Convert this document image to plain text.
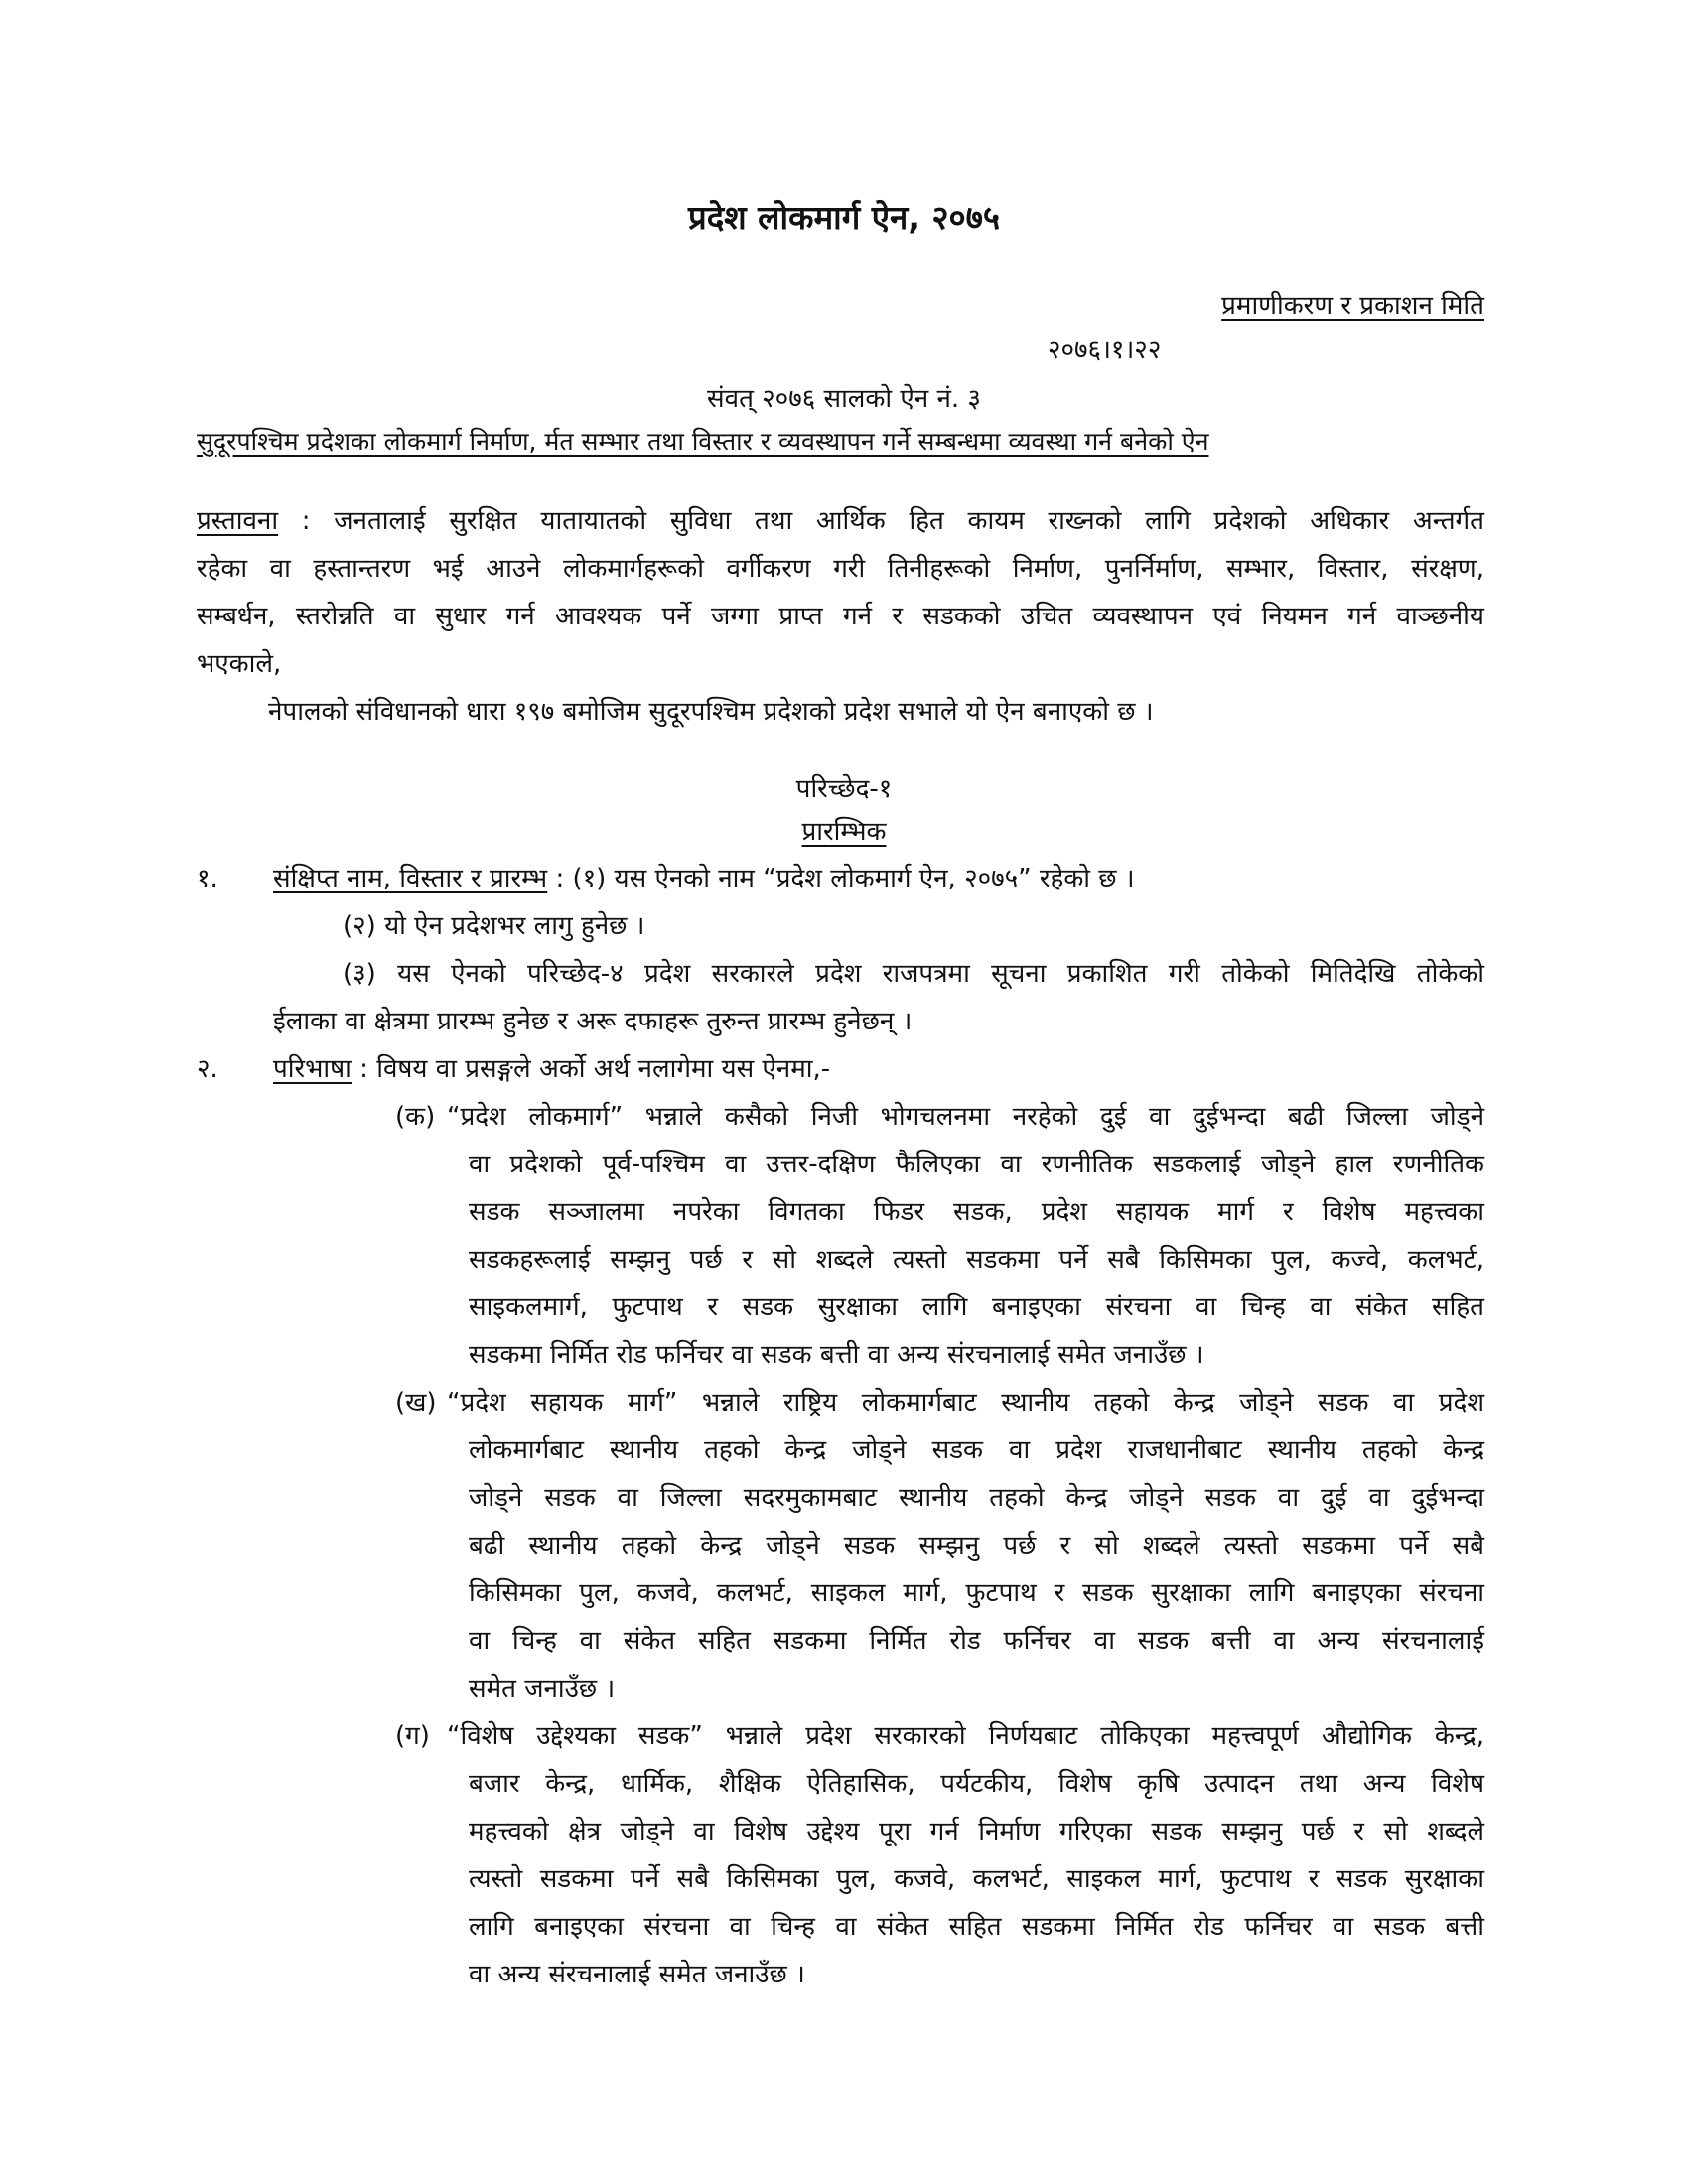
प्रदेश लोकमार्ग ऐन, २०७५
प्रमाणीकरण र प्रकाशन मिति
२०७६।१।२२
संवत् २०७६ सालको ऐन नं. ३
सुदूरपश्चिम प्रदेशका लोकमार्ग निर्माण, र्मत सम्भार तथा विस्तार र व्यवस्थापन गर्ने सम्बन्धमा व्यवस्था गर्न बनेको ऐन
प्रस्तावना : जनतालाई सुरक्षित यातायातको सुविधा तथा आर्थिक हित कायम राख्नको लागि प्रदेशको अधिकार अन्तर्गत
रहेका वा हस्तान्तरण भई आउने लोकमार्गहरूको वर्गीकरण गरी तिनीहरूको निर्माण, पुनर्निर्माण, सम्भार, विस्तार, संरक्षण,
सम्बर्धन, स्तरोन्नति वा सुधार गर्न आवश्यक पर्ने जग्गा प्राप्त गर्न र सडकको उचित व्यवस्थापन एवं नियमन गर्न वाञ्छनीय
भएकाले,
नेपालको संविधानको धारा १९७ बमोजिम सुदूरपश्चिम प्रदेशको प्रदेश सभाले यो ऐन बनाएको छ ।
परिच्छेद-१
प्रारम्भिक
१. संक्षिप्त नाम, विस्तार र प्रारम्भ : (१) यस ऐनको नाम “प्रदेश लोकमार्ग ऐन, २०७५” रहेको छ ।
(२) यो ऐन प्रदेशभर लागु हुनेछ ।
(३) यस ऐनको परिच्छेद-४ प्रदेश सरकारले प्रदेश राजपत्रमा सूचना प्रकाशित गरी तोकेको मितिदेखि तोकेको
ईलाका वा क्षेत्रमा प्रारम्भ हुनेछ र अरू दफाहरू तुरुन्त प्रारम्भ हुनेछन् ।
२. परिभाषा : विषय वा प्रसङ्गले अर्को अर्थ नलागेमा यस ऐनमा,-
(क) “प्रदेश लोकमार्ग” भन्नाले कसैको निजी भोगचलनमा नरहेको दुई वा दुईभन्दा बढी जिल्ला जोड्ने
वा प्रदेशको पूर्व-पश्चिम वा उत्तर-दक्षिण फैलिएका वा रणनीतिक सडकलाई जोड्ने हाल रणनीतिक
सडक सञ्जालमा नपरेका विगतका फिडर सडक, प्रदेश सहायक मार्ग र विशेष महत्त्वका
सडकहरूलाई सम्झनु पर्छ र सो शब्दले त्यस्तो सडकमा पर्ने सबै किसिमका पुल, कज्वे, कलभर्ट,
साइकलमार्ग, फुटपाथ र सडक सुरक्षाका लागि बनाइएका संरचना वा चिन्ह वा संकेत सहित
सडकमा निर्मित रोड फर्निचर वा सडक बत्ती वा अन्य संरचनालाई समेत जनाउँछ ।
(ख) “प्रदेश सहायक मार्ग” भन्नाले राष्ट्रिय लोकमार्गबाट स्थानीय तहको केन्द्र जोड्ने सडक वा प्रदेश
लोकमार्गबाट स्थानीय तहको केन्द्र जोड्ने सडक वा प्रदेश राजधानीबाट स्थानीय तहको केन्द्र
जोड्ने सडक वा जिल्ला सदरमुकामबाट स्थानीय तहको केन्द्र जोड्ने सडक वा दुई वा दुईभन्दा
बढी स्थानीय तहको केन्द्र जोड्ने सडक सम्झनु पर्छ र सो शब्दले त्यस्तो सडकमा पर्ने सबै
किसिमका पुल, कजवे, कलभर्ट, साइकल मार्ग, फुटपाथ र सडक सुरक्षाका लागि बनाइएका संरचना
वा चिन्ह वा संकेत सहित सडकमा निर्मित रोड फर्निचर वा सडक बत्ती वा अन्य संरचनालाई
समेत जनाउँछ ।
(ग) “विशेष उद्देश्यका सडक” भन्नाले प्रदेश सरकारको निर्णयबाट तोकिएका महत्त्वपूर्ण औद्योगिक केन्द्र,
बजार केन्द्र, धार्मिक, शैक्षिक ऐतिहासिक, पर्यटकीय, विशेष कृषि उत्पादन तथा अन्य विशेष
महत्त्वको क्षेत्र जोड्ने वा विशेष उद्देश्य पूरा गर्न निर्माण गरिएका सडक सम्झनु पर्छ र सो शब्दले
त्यस्तो सडकमा पर्ने सबै किसिमका पुल, कजवे, कलभर्ट, साइकल मार्ग, फुटपाथ र सडक सुरक्षाका
लागि बनाइएका संरचना वा चिन्ह वा संकेत सहित सडकमा निर्मित रोड फर्निचर वा सडक बत्ती
वा अन्य संरचनालाई समेत जनाउँछ ।
